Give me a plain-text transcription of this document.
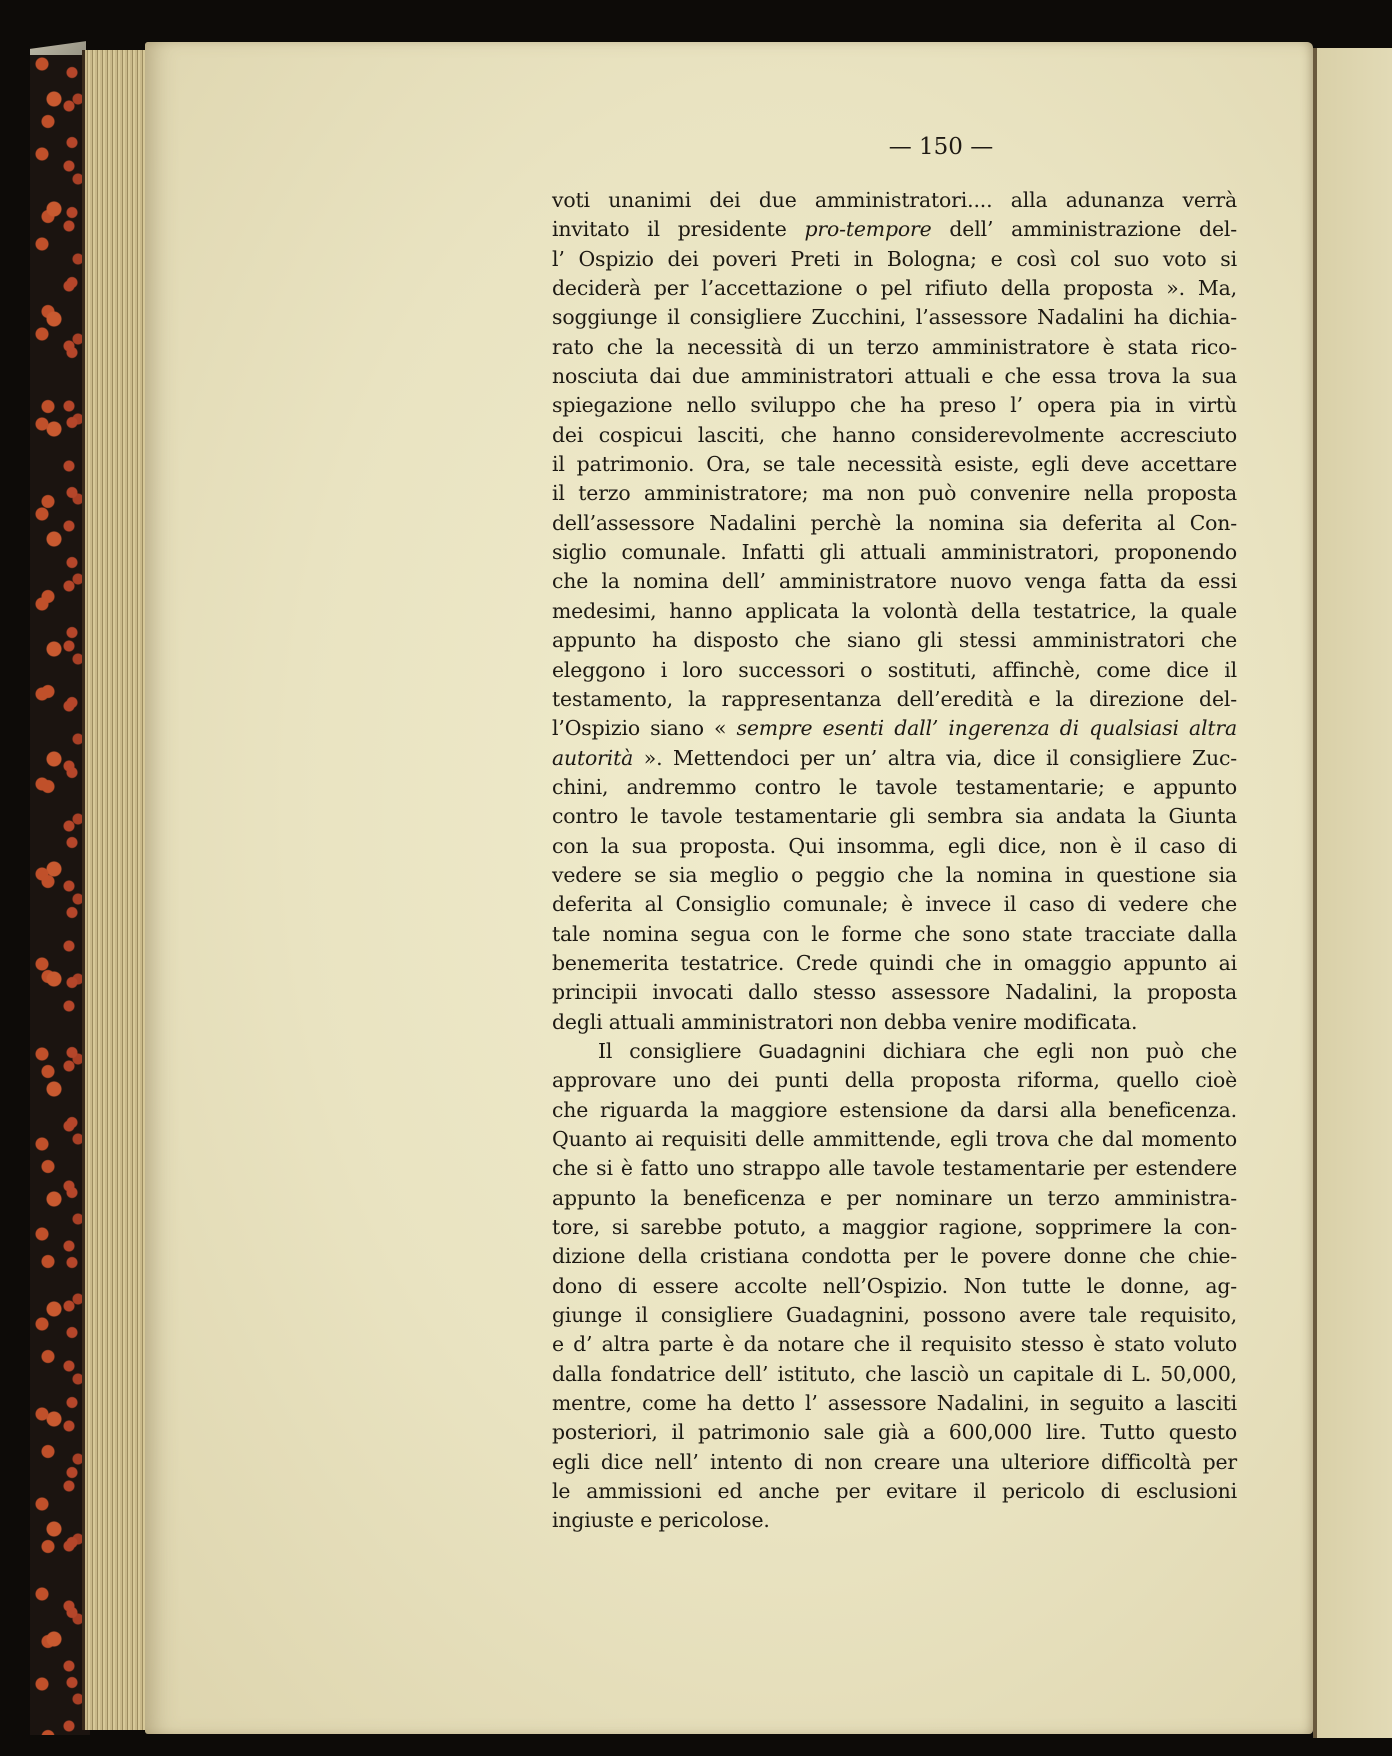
— 150 —
voti unanimi dei due amministratori.... alla adunanza verrà
invitato il presidente pro-tempore dell’ amministrazione del-
l’ Ospizio dei poveri Preti in Bologna; e così col suo voto si
deciderà per l’accettazione o pel rifiuto della proposta ». Ma,
soggiunge il consigliere Zucchini, l’assessore Nadalini ha dichia-
rato che la necessità di un terzo amministratore è stata rico-
nosciuta dai due amministratori attuali e che essa trova la sua
spiegazione nello sviluppo che ha preso l’ opera pia in virtù
dei cospicui lasciti, che hanno considerevolmente accresciuto
il patrimonio. Ora, se tale necessità esiste, egli deve accettare
il terzo amministratore; ma non può convenire nella proposta
dell’assessore Nadalini perchè la nomina sia deferita al Con-
siglio comunale. Infatti gli attuali amministratori, proponendo
che la nomina dell’ amministratore nuovo venga fatta da essi
medesimi, hanno applicata la volontà della testatrice, la quale
appunto ha disposto che siano gli stessi amministratori che
eleggono i loro successori o sostituti, affinchè, come dice il
testamento, la rappresentanza dell’eredità e la direzione del-
l’Ospizio siano « sempre esenti dall’ ingerenza di qualsiasi altra
autorità ». Mettendoci per un’ altra via, dice il consigliere Zuc-
chini, andremmo contro le tavole testamentarie; e appunto
contro le tavole testamentarie gli sembra sia andata la Giunta
con la sua proposta. Qui insomma, egli dice, non è il caso di
vedere se sia meglio o peggio che la nomina in questione sia
deferita al Consiglio comunale; è invece il caso di vedere che
tale nomina segua con le forme che sono state tracciate dalla
benemerita testatrice. Crede quindi che in omaggio appunto ai
principii invocati dallo stesso assessore Nadalini, la proposta
degli attuali amministratori non debba venire modificata.
Il consigliere Guadagnini dichiara che egli non può che
approvare uno dei punti della proposta riforma, quello cioè
che riguarda la maggiore estensione da darsi alla beneficenza.
Quanto ai requisiti delle ammittende, egli trova che dal momento
che si è fatto uno strappo alle tavole testamentarie per estendere
appunto la beneficenza e per nominare un terzo amministra-
tore, si sarebbe potuto, a maggior ragione, sopprimere la con-
dizione della cristiana condotta per le povere donne che chie-
dono di essere accolte nell’Ospizio. Non tutte le donne, ag-
giunge il consigliere Guadagnini, possono avere tale requisito,
e d’ altra parte è da notare che il requisito stesso è stato voluto
dalla fondatrice dell’ istituto, che lasciò un capitale di L. 50,000,
mentre, come ha detto l’ assessore Nadalini, in seguito a lasciti
posteriori, il patrimonio sale già a 600,000 lire. Tutto questo
egli dice nell’ intento di non creare una ulteriore difficoltà per
le ammissioni ed anche per evitare il pericolo di esclusioni
ingiuste e pericolose.
